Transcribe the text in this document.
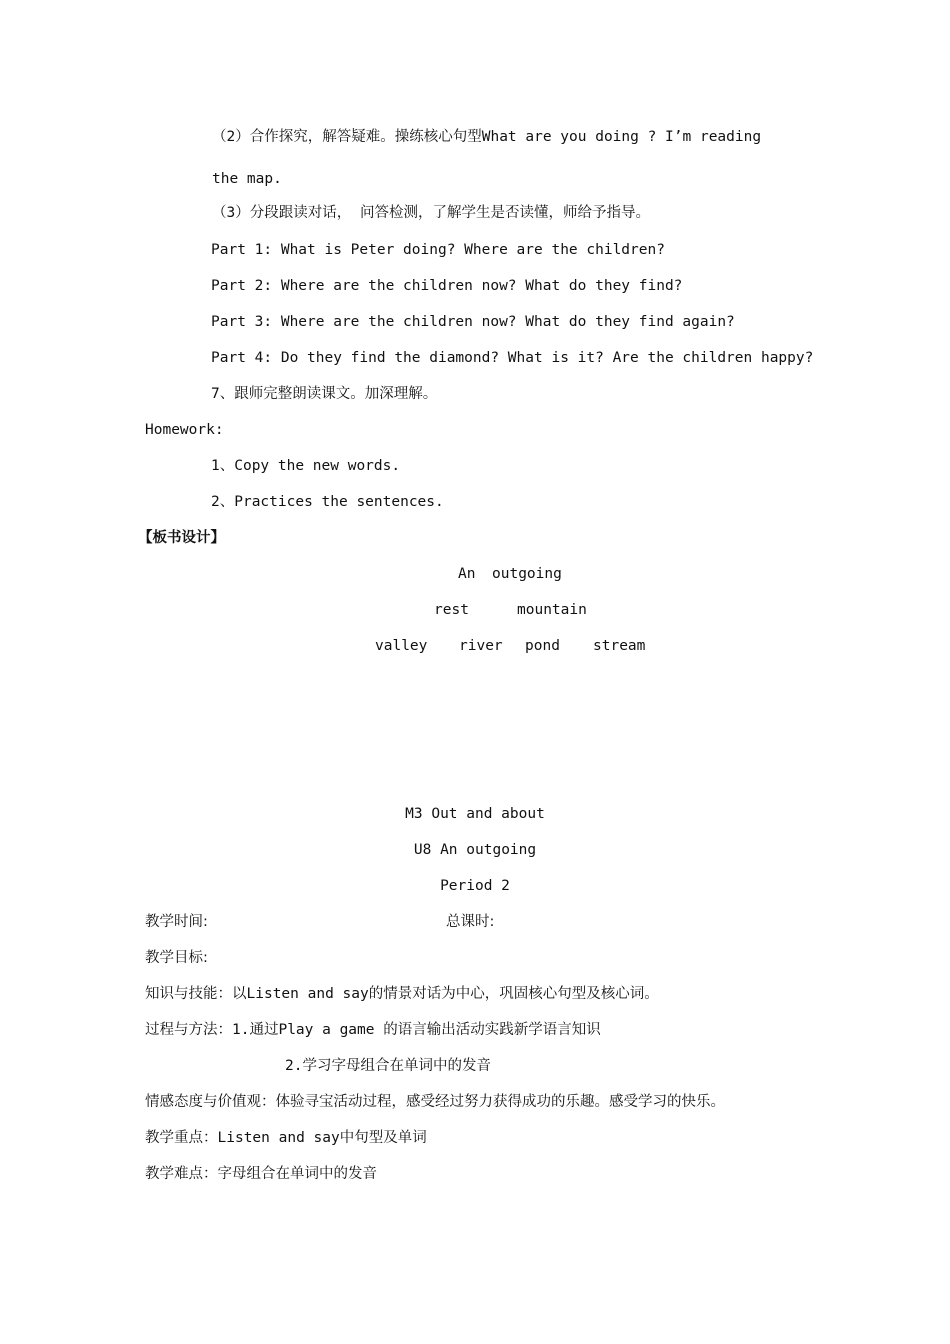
（2）合作探究，解答疑难。操练核心句型What are you doing ? I’m reading
the map.
（3）分段跟读对话， 问答检测，了解学生是否读懂，师给予指导。
Part 1: What is Peter doing? Where are the children?
Part 2: Where are the children now? What do they find?
Part 3: Where are the children now? What do they find again?
Part 4: Do they find the diamond? What is it? Are the children happy?
7、跟师完整朗读课文。加深理解。
Homework:
1、Copy the new words.
2、Practices the sentences.
【板书设计】
An outgoing
rest	mountain
valley river pond stream
M3 Out and about
U8 An outgoing
Period 2
教学时间:	总课时:
教学目标:
知识与技能：以Listen and say的情景对话为中心，巩固核心句型及核心词。
过程与方法：1.通过Play a game 的语言输出活动实践新学语言知识
2.学习字母组合在单词中的发音
情感态度与价值观：体验寻宝活动过程，感受经过努力获得成功的乐趣。感受学习的快乐。
教学重点：Listen and say中句型及单词
教学难点：字母组合在单词中的发音
